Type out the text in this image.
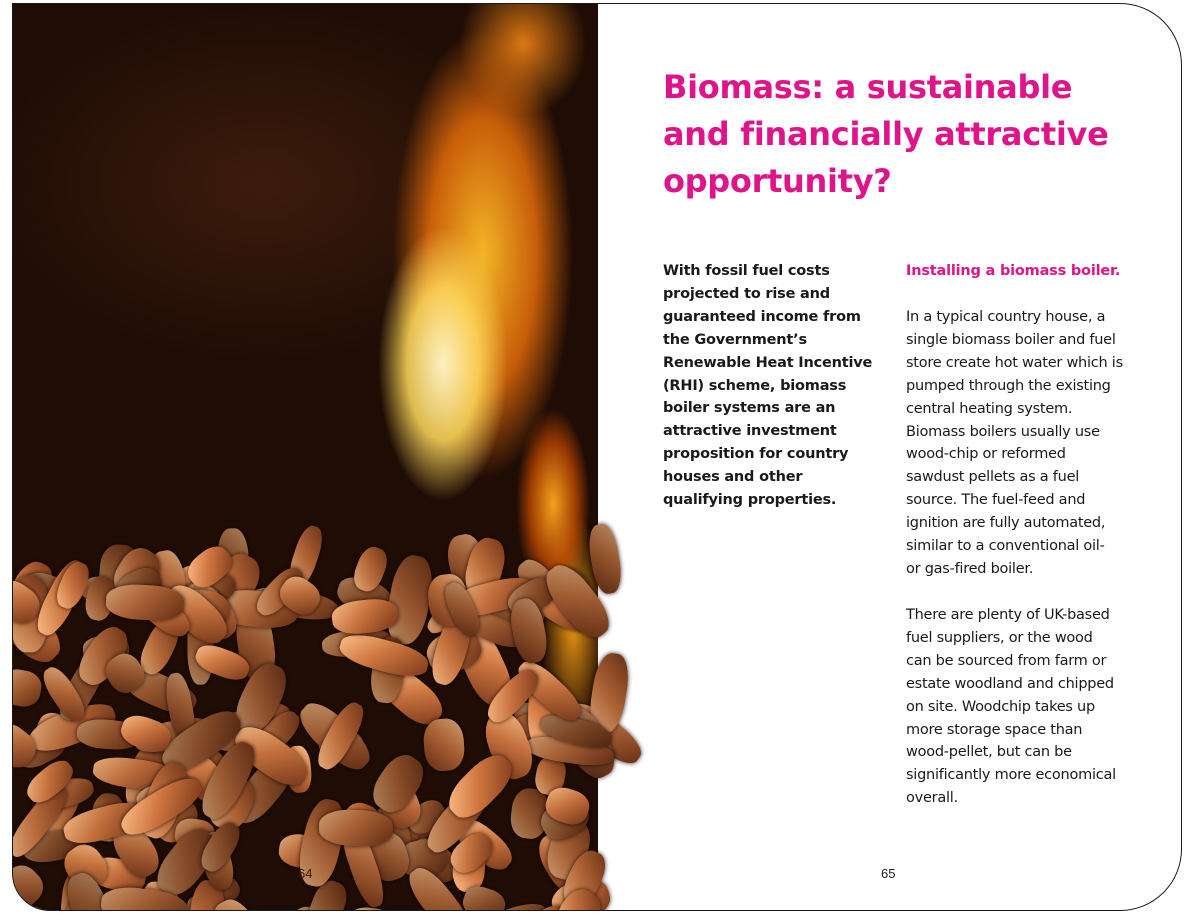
64
Biomass: a sustainable
and financially attractive
opportunity?

With fossil fuel costs
projected to rise and
guaranteed income from
the Government’s
Renewable Heat Incentive
(RHI) scheme, biomass
boiler systems are an
attractive investment
proposition for country
houses and other
qualifying properties.

Installing a biomass boiler.

In a typical country house, a
single biomass boiler and fuel
store create hot water which is
pumped through the existing
central heating system.
Biomass boilers usually use
wood-chip or reformed
sawdust pellets as a fuel
source. The fuel-feed and
ignition are fully automated,
similar to a conventional oil-
or gas-fired boiler.

There are plenty of UK-based
fuel suppliers, or the wood
can be sourced from farm or
estate woodland and chipped
on site. Woodchip takes up
more storage space than
wood-pellet, but can be
significantly more economical
overall.

65
